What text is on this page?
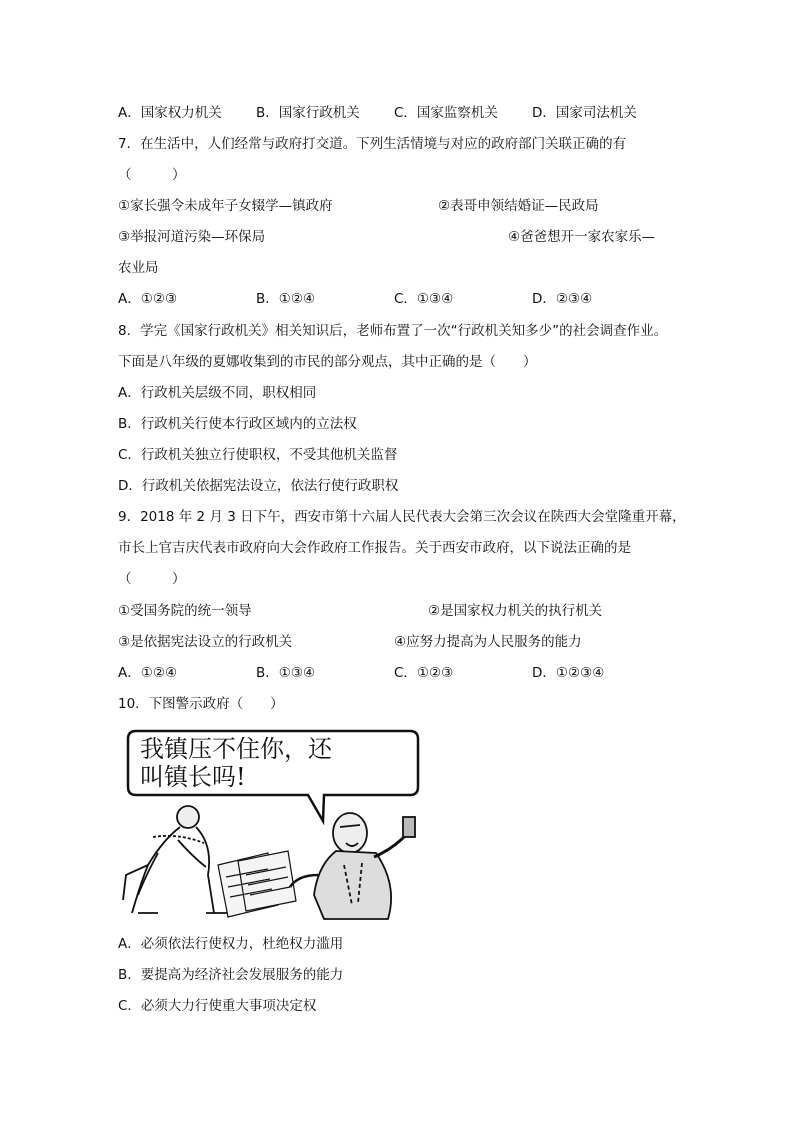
A．国家权力机关	B．国家行政机关	C．国家监察机关	D．国家司法机关
7．在生活中，人们经常与政府打交道。下列生活情境与对应的政府部门关联正确的有
（　　　）
①家长强令未成年子女辍学—镇政府	②表哥申领结婚证—民政局
③举报河道污染—环保局	④爸爸想开一家农家乐—
农业局
A．①②③	B．①②④	C．①③④	D．②③④
8．学完《国家行政机关》相关知识后，老师布置了一次“行政机关知多少”的社会调查作业。
下面是八年级的夏娜收集到的市民的部分观点，其中正确的是（　　）
A．行政机关层级不同，职权相同
B．行政机关行使本行政区域内的立法权
C．行政机关独立行使职权，不受其他机关监督
D．行政机关依据宪法设立，依法行使行政职权
9．2018 年 2 月 3 日下午，西安市第十六届人民代表大会第三次会议在陕西大会堂隆重开幕，
市长上官吉庆代表市政府向大会作政府工作报告。关于西安市政府，以下说法正确的是
（　　　）
①受国务院的统一领导	②是国家权力机关的执行机关
③是依据宪法设立的行政机关	④应努力提高为人民服务的能力
A．①②④	B．①③④	C．①②③	D．①②③④
10．下图警示政府（　　）
我镇压不住你，还
叫镇长吗!
A．必须依法行使权力，杜绝权力滥用
B．要提高为经济社会发展服务的能力
C．必须大力行使重大事项决定权
